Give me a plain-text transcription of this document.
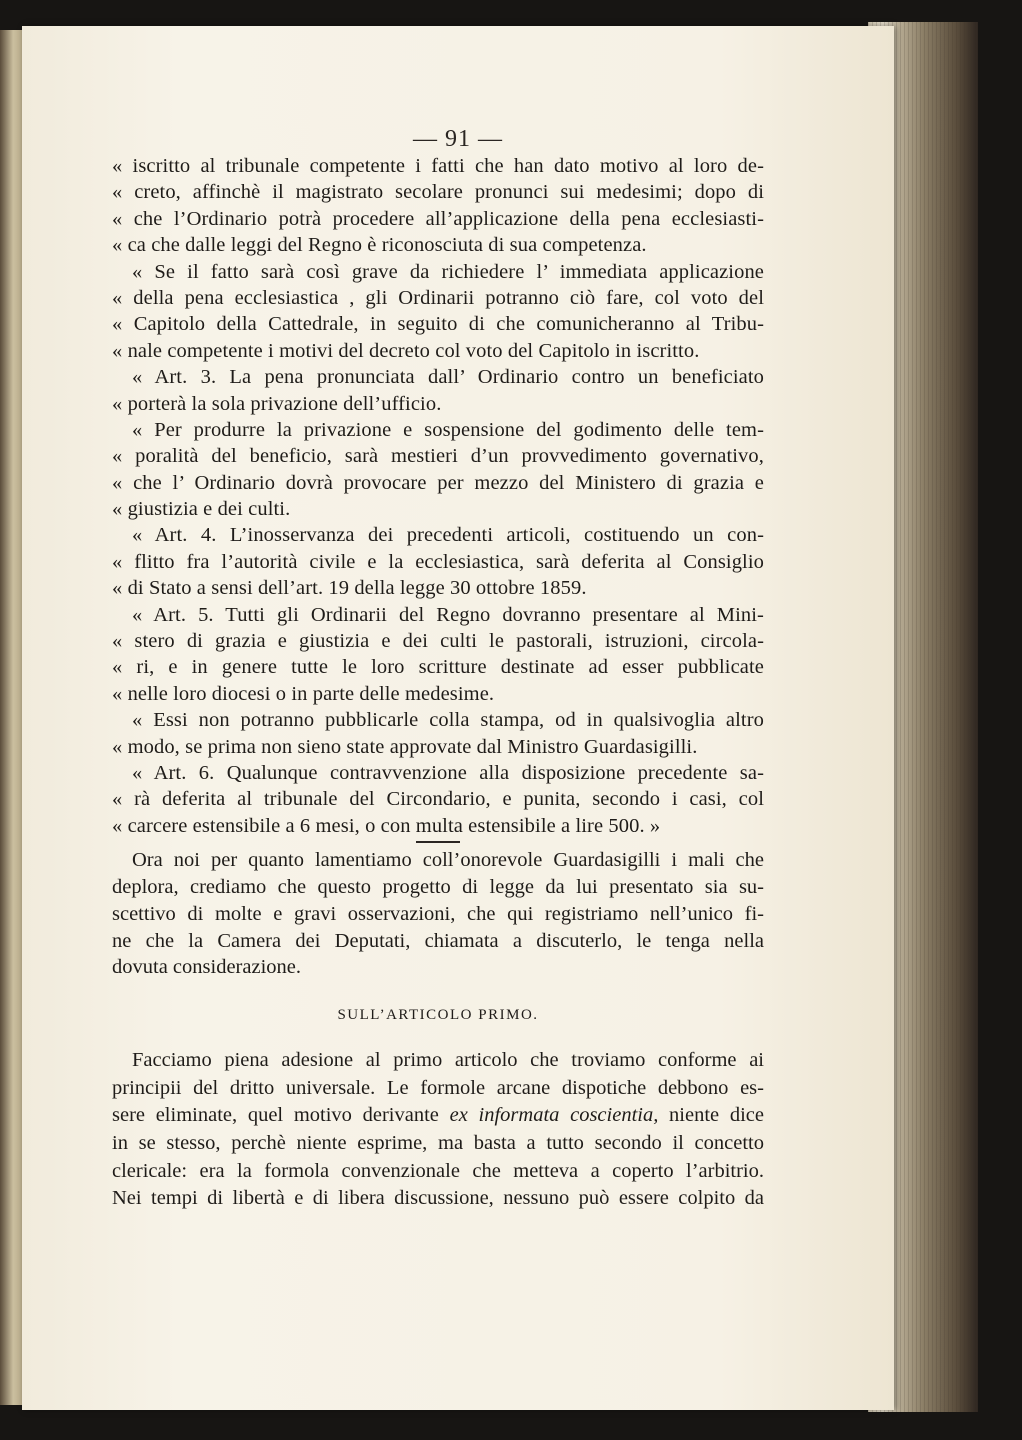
— 91 —
« iscritto al tribunale competente i fatti che han dato motivo al loro de-
« creto, affinchè il magistrato secolare pronunci sui medesimi; dopo di
« che l’Ordinario potrà procedere all’applicazione della pena ecclesiasti-
« ca che dalle leggi del Regno è riconosciuta di sua competenza.
« Se il fatto sarà così grave da richiedere l’ immediata applicazione
« della pena ecclesiastica , gli Ordinarii potranno ciò fare, col voto del
« Capitolo della Cattedrale, in seguito di che comunicheranno al Tribu-
« nale competente i motivi del decreto col voto del Capitolo in iscritto.
« Art. 3. La pena pronunciata dall’ Ordinario contro un beneficiato
« porterà la sola privazione dell’ufficio.
« Per produrre la privazione e sospensione del godimento delle tem-
« poralità del beneficio, sarà mestieri d’un provvedimento governativo,
« che l’ Ordinario dovrà provocare per mezzo del Ministero di grazia e
« giustizia e dei culti.
« Art. 4. L’inosservanza dei precedenti articoli, costituendo un con-
« flitto fra l’autorità civile e la ecclesiastica, sarà deferita al Consiglio
« di Stato a sensi dell’art. 19 della legge 30 ottobre 1859.
« Art. 5. Tutti gli Ordinarii del Regno dovranno presentare al Mini-
« stero di grazia e giustizia e dei culti le pastorali, istruzioni, circola-
« ri, e in genere tutte le loro scritture destinate ad esser pubblicate
« nelle loro diocesi o in parte delle medesime.
« Essi non potranno pubblicarle colla stampa, od in qualsivoglia altro
« modo, se prima non sieno state approvate dal Ministro Guardasigilli.
« Art. 6. Qualunque contravvenzione alla disposizione precedente sa-
« rà deferita al tribunale del Circondario, e punita, secondo i casi, col
« carcere estensibile a 6 mesi, o con multa estensibile a lire 500. »
Ora noi per quanto lamentiamo coll’onorevole Guardasigilli i mali che
deplora, crediamo che questo progetto di legge da lui presentato sia su-
scettivo di molte e gravi osservazioni, che qui registriamo nell’unico fi-
ne che la Camera dei Deputati, chiamata a discuterlo, le tenga nella
dovuta considerazione.
SULL’ARTICOLO PRIMO.
Facciamo piena adesione al primo articolo che troviamo conforme ai
principii del dritto universale. Le formole arcane dispotiche debbono es-
sere eliminate, quel motivo derivante ex informata coscientia, niente dice
in se stesso, perchè niente esprime, ma basta a tutto secondo il concetto
clericale: era la formola convenzionale che metteva a coperto l’arbitrio.
Nei tempi di libertà e di libera discussione, nessuno può essere colpito da
